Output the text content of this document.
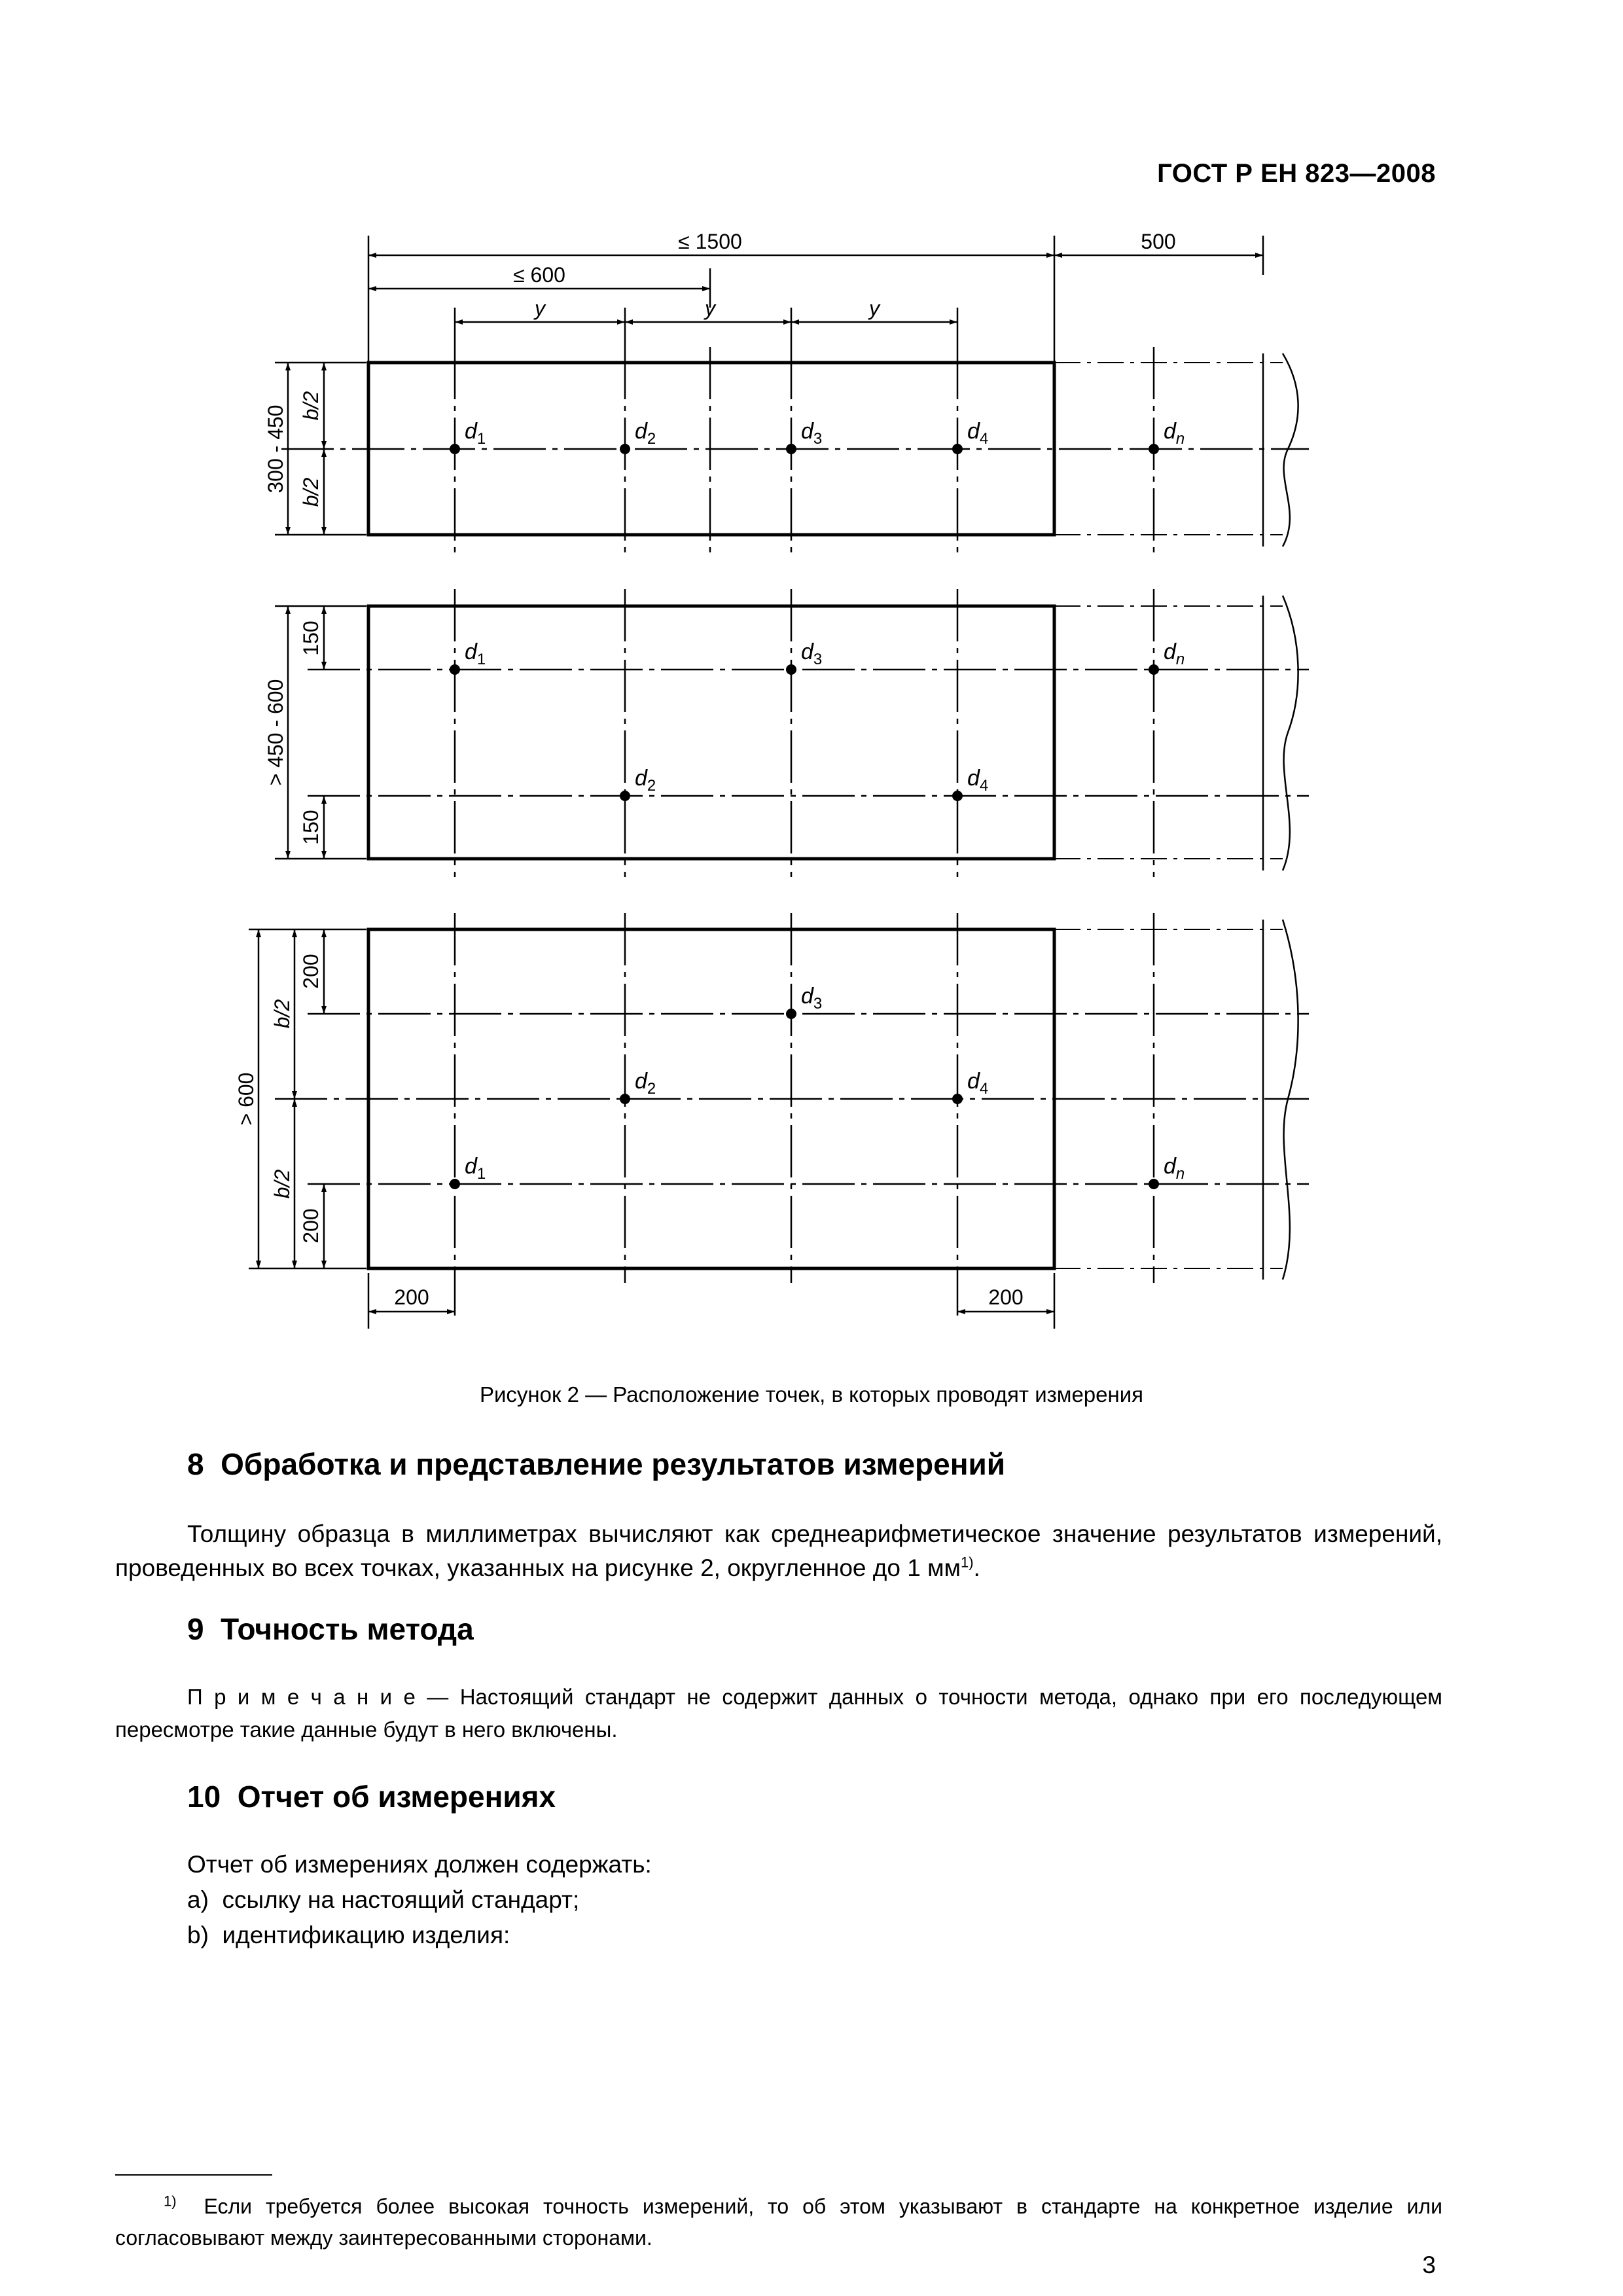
ГОСТ Р ЕН 823—2008
≤ 1500	500
≤ 600
y	y	y
200	200
300 - 450 b/2
b/2
> 450 - 600
150
150
> 600
b/2
b/2
200
200
$d_1$	$d_2$	$d_3$	$d_4$	$d_n$
$d_1$	$d_3$	$d_n$
$d_2$	$d_4$
$d_3$
$d_2$	$d_4$
$d_1$	$d_n$
Рисунок 2 — Расположение точек, в которых проводят измерения
8 Обработка и представление результатов измерений
Толщину образца в миллиметрах вычисляют как среднеарифметическое значение результатов измерений, проведенных во всех точках, указанных на рисунке 2, округленное до 1 $мм^{1)}$.
9 Точность метода
П р и м е ч а н и е — Настоящий стандарт не содержит данных о точности метода, однако при его последующем пересмотре такие данные будут в него включены.
10 Отчет об измерениях
Отчет об измерениях должен содержать:
a) ссылку на настоящий стандарт;
b) идентификацию изделия:
$^{1)}$ Если требуется более высокая точность измерений, то об этом указывают в стандарте на конкретное изделие или согласовывают между заинтересованными сторонами.
3
